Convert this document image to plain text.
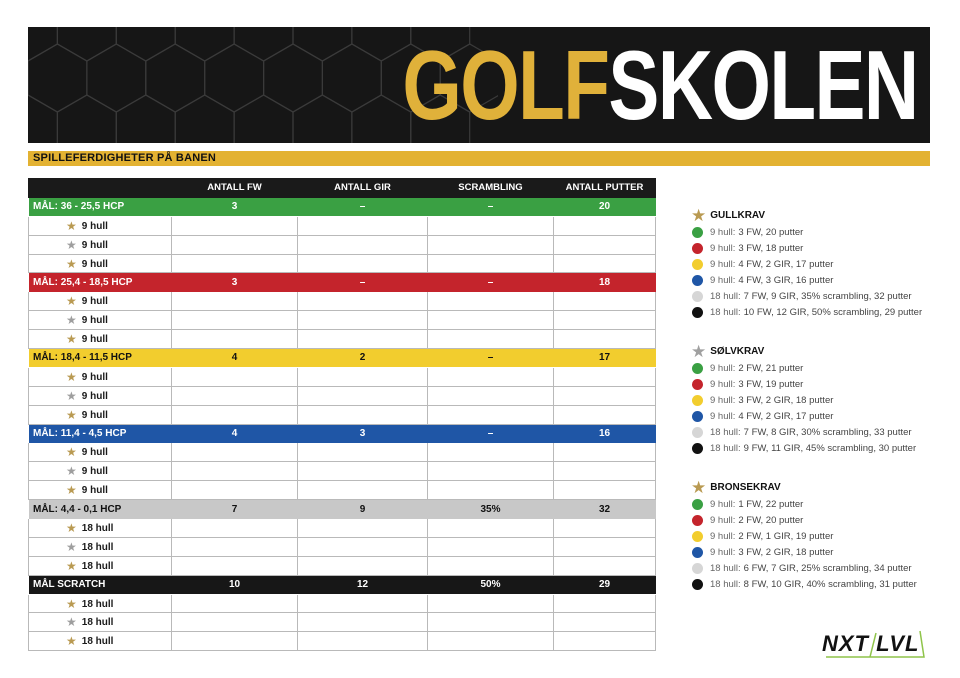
GOLF SKOLEN
SPILLEFERDIGHETER PÅ BANEN
	ANTALL FW	ANTALL GIR	SCRAMBLING	ANTALL PUTTER
MÅL: 36 - 25,5 HCP	3	–	–	20
★ 9 hull				
★ 9 hull				
★ 9 hull				
MÅL: 25,4 - 18,5 HCP	3	–	–	18
★ 9 hull				
★ 9 hull				
★ 9 hull				
MÅL: 18,4 - 11,5 HCP	4	2	–	17
★ 9 hull				
★ 9 hull				
★ 9 hull				
MÅL: 11,4 - 4,5 HCP	4	3	–	16
★ 9 hull				
★ 9 hull				
★ 9 hull				
MÅL: 4,4 - 0,1 HCP	7	9	35%	32
★ 18 hull				
★ 18 hull				
★ 18 hull				
MÅL SCRATCH	10	12	50%	29
★ 18 hull				
★ 18 hull				
★ 18 hull				
★ GULLKRAV
9 hull: 3 FW, 20 putter
9 hull: 3 FW, 18 putter
9 hull: 4 FW, 2 GIR, 17 putter
9 hull: 4 FW, 3 GIR, 16 putter
18 hull: 7 FW, 9 GIR, 35% scrambling, 32 putter
18 hull: 10 FW, 12 GIR, 50% scrambling, 29 putter
★ SØLVKRAV
9 hull: 2 FW, 21 putter
9 hull: 3 FW, 19 putter
9 hull: 3 FW, 2 GIR, 18 putter
9 hull: 4 FW, 2 GIR, 17 putter
18 hull: 7 FW, 8 GIR, 30% scrambling, 33 putter
18 hull: 9 FW, 11 GIR, 45% scrambling, 30 putter
★ BRONSEKRAV
9 hull: 1 FW, 22 putter
9 hull: 2 FW, 20 putter
9 hull: 2 FW, 1 GIR, 19 putter
9 hull: 3 FW, 2 GIR, 18 putter
18 hull: 6 FW, 7 GIR, 25% scrambling, 34 putter
18 hull: 8 FW, 10 GIR, 40% scrambling, 31 putter
NXT LVL
